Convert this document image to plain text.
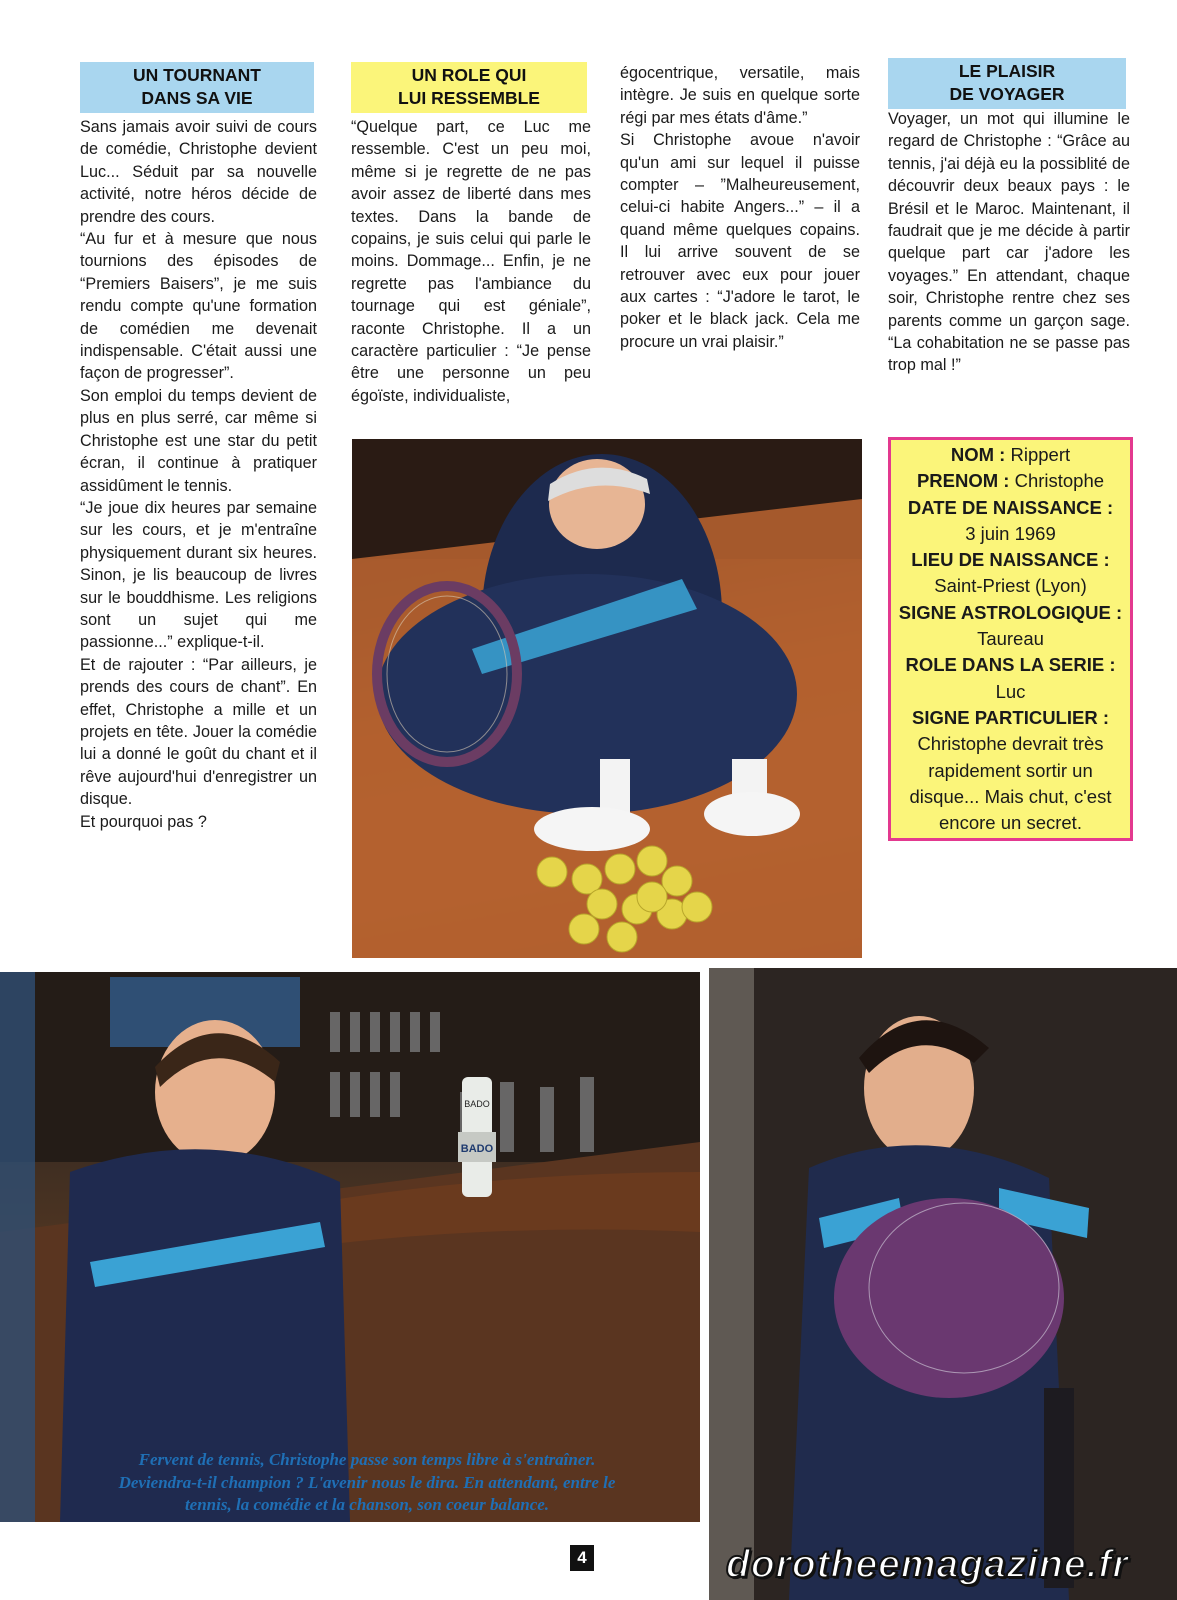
UN TOURNANT
DANS SA VIE

Sans jamais avoir suivi de cours de comédie, Christophe devient Luc... Séduit par sa nouvelle activité, notre héros décide de prendre des cours.

“Au fur et à mesure que nous tournions des épisodes de “Premiers Baisers”, je me suis rendu compte qu'une formation de comédien me devenait indispensable. C'était aussi une façon de progresser”.

Son emploi du temps devient de plus en plus serré, car même si Christophe est une star du petit écran, il continue à pratiquer assidûment le tennis.

“Je joue dix heures par semaine sur les cours, et je m'entraîne physiquement durant six heures. Sinon, je lis beaucoup de livres sur le bouddhisme. Les religions sont un sujet qui me passionne...” explique-t-il.

Et de rajouter : “Par ailleurs, je prends des cours de chant”. En effet, Christophe a mille et un projets en tête. Jouer la comédie lui a donné le goût du chant et il rêve aujourd'hui d'enregistrer un disque.

Et pourquoi pas ?

UN ROLE QUI
LUI RESSEMBLE

“Quelque part, ce Luc me ressemble. C'est un peu moi, même si je regrette de ne pas avoir assez de liberté dans mes textes. Dans la bande de copains, je suis celui qui parle le moins. Dommage... Enfin, je ne regrette pas l'ambiance du tournage qui est géniale”, raconte Christophe. Il a un caractère particulier : “Je pense être une personne un peu égoïste, individualiste,

égocentrique, versatile, mais intègre. Je suis en quelque sorte régi par mes états d'âme.”

Si Christophe avoue n'avoir qu'un ami sur lequel il puisse compter – ”Malheureusement, celui-ci habite Angers...” – il a quand même quelques copains. Il lui arrive souvent de se retrouver avec eux pour jouer aux cartes : “J'adore le tarot, le poker et le black jack. Cela me procure un vrai plaisir.”

LE PLAISIR
DE VOYAGER

Voyager, un mot qui illumine le regard de Christophe : “Grâce au tennis, j'ai déjà eu la possiblité de découvrir deux beaux pays : le Brésil et le Maroc. Maintenant, il faudrait que je me décide à partir quelque part car j'adore les voyages.” En attendant, chaque soir, Christophe rentre chez ses parents comme un garçon sage. “La cohabitation ne se passe pas trop mal !”

NOM : Rippert
PRENOM : Christophe
DATE DE NAISSANCE :
3 juin 1969
LIEU DE NAISSANCE :
Saint-Priest (Lyon)
SIGNE ASTROLOGIQUE :
Taureau
ROLE DANS LA SERIE :
Luc
SIGNE PARTICULIER :
Christophe devrait très rapidement sortir un disque... Mais chut, c'est encore un secret.
BADO
BADO
Fervent de tennis, Christophe passe son temps libre à s'entraîner. Deviendra-t-il champion ? L'avenir nous le dira. En attendant, entre le tennis, la comédie et la chanson, son coeur balance.
4	dorotheemagazine.fr
